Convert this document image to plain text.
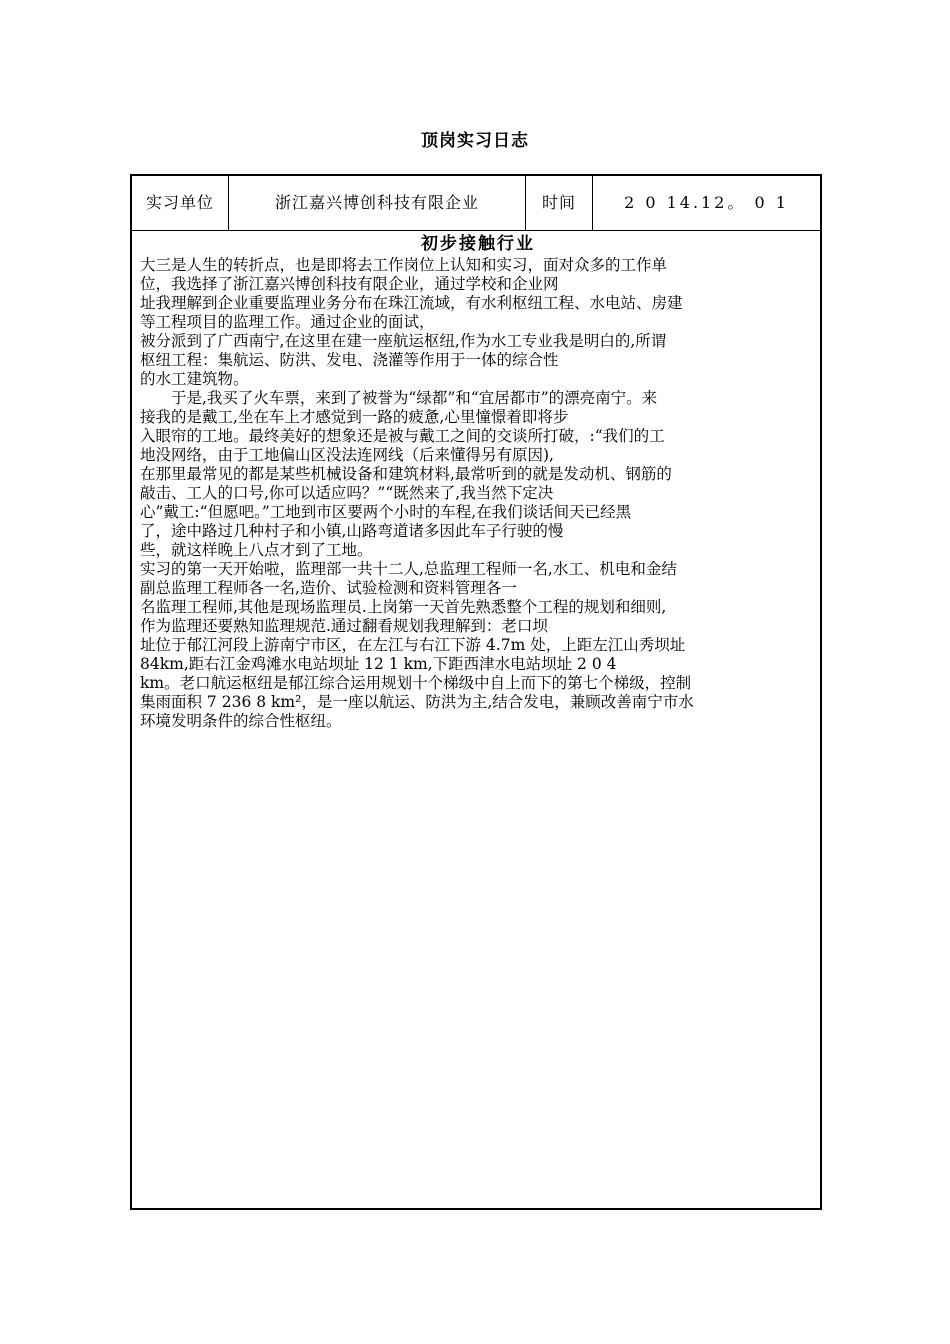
顶岗实习日志
实习单位	浙江嘉兴博创科技有限企业	时间	2 0 14.12。 0 1
初步接触行业

大三是人生的转折点，也是即将去工作岗位上认知和实习，面对众多的工作单

位，我选择了浙江嘉兴博创科技有限企业，通过学校和企业网

址我理解到企业重要监理业务分布在珠江流域，有水利枢纽工程、水电站、房建

等工程项目的监理工作。通过企业的面试，

被分派到了广西南宁,在这里在建一座航运枢纽,作为水工专业我是明白的,所谓

枢纽工程：集航运、防洪、发电、浇灌等作用于一体的综合性

的水工建筑物。

　　于是,我买了火车票，来到了被誉为“绿都”和“宜居都市”的漂亮南宁。来

接我的是戴工,坐在车上才感觉到一路的疲惫,心里憧憬着即将步

入眼帘的工地。最终美好的想象还是被与戴工之间的交谈所打破，:“我们的工

地没网络，由于工地偏山区没法连网线（后来懂得另有原因),

在那里最常见的都是某些机械设备和建筑材料,最常听到的就是发动机、钢筋的

敲击、工人的口号,你可以适应吗？”“既然来了,我当然下定决

心”戴工:“但愿吧。”工地到市区要两个小时的车程,在我们谈话间天已经黑

了，途中路过几种村子和小镇,山路弯道诸多因此车子行驶的慢

些，就这样晚上八点才到了工地。

实习的第一天开始啦，监理部一共十二人,总监理工程师一名,水工、机电和金结

副总监理工程师各一名,造价、试验检测和资料管理各一

名监理工程师,其他是现场监理员.上岗第一天首先熟悉整个工程的规划和细则,

作为监理还要熟知监理规范.通过翻看规划我理解到：老口坝

址位于郁江河段上游南宁市区，在左江与右江下游 4.7m 处，上距左江山秀坝址

84km,距右江金鸡滩水电站坝址 12 1 km,下距西津水电站坝址 2 0 4

km。老口航运枢纽是郁江综合运用规划十个梯级中自上而下的第七个梯级，控制

集雨面积 7 236 8 km²，是一座以航运、防洪为主,结合发电，兼顾改善南宁市水

环境发明条件的综合性枢纽。
